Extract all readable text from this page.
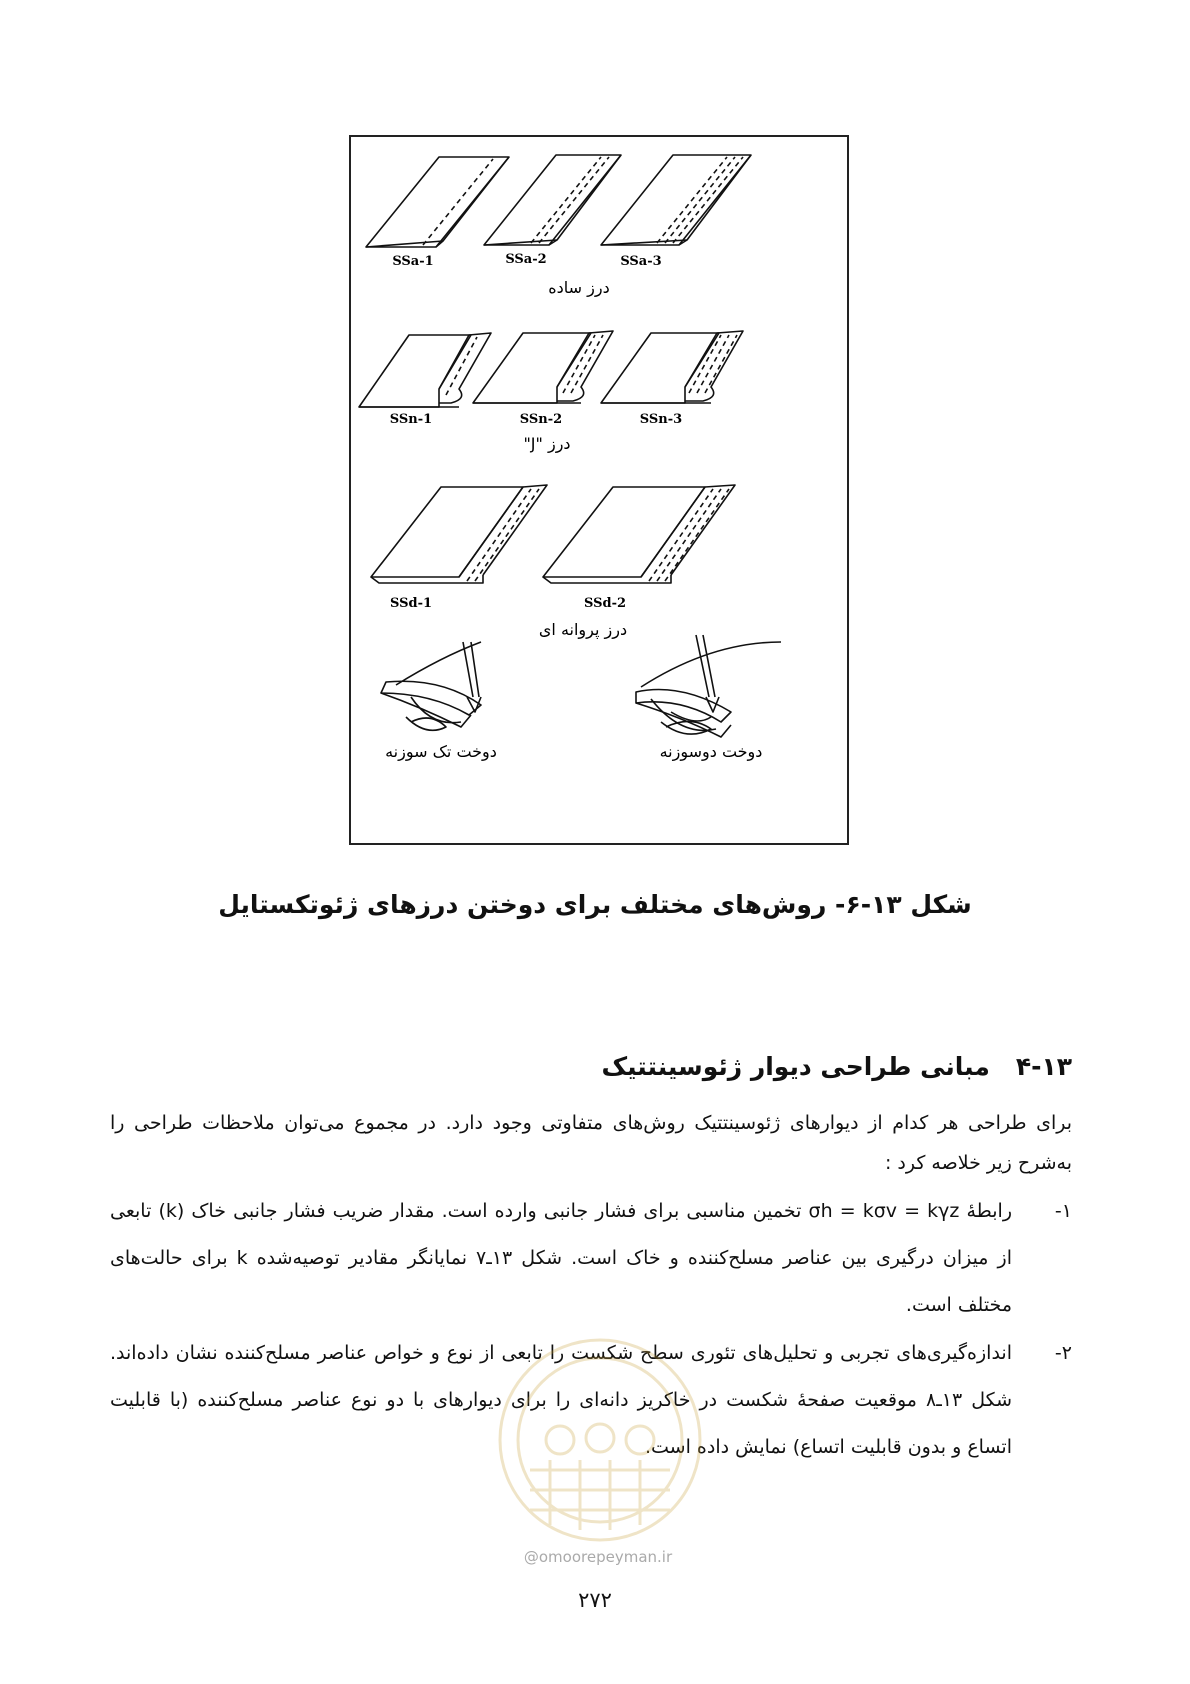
SSa-1	SSa-2	SSa-3
درز ساده
SSn-1	SSn-2	SSn-3
درز "J"
SSd-1	SSd-2
درز پروانه ای
دوخت تک سوزنه	دوخت دوسوزنه
شکل ۱۳-۶- روش‌های مختلف برای دوختن درزهای ژئوتکستایل
۴-۱۳مبانی طراحی دیوار ژئوسینتتیک
برای طراحی هر کدام از دیوارهای ژئوسینتتیک روش‌های متفاوتی وجود دارد. در مجموع می‌توان ملاحظات طراحی را به‌شرح زیر خلاصه کرد :
۱-
رابطهٔ σh = kσv = kγz تخمین مناسبی برای فشار جانبی وارده است. مقدار ضریب فشار جانبی خاک (k) تابعی از میزان درگیری بین عناصر مسلح‌کننده و خاک است. شکل ۱۳ـ۷ نمایانگر مقادیر توصیه‌شده k برای حالت‌های مختلف است.
۲-
اندازه‌گیری‌های تجربی و تحلیل‌های تئوری سطح شکست را تابعی از نوع و خواص عناصر مسلح‌کننده نشان داده‌اند. شکل ۱۳ـ۸ موقعیت صفحهٔ شکست در خاکریز دانه‌ای را برای دیوارهای با دو نوع عناصر مسلح‌کننده (با قابلیت اتساع و بدون قابلیت اتساع) نمایش داده است.
@omoorepeyman.ir
۲۷۲
